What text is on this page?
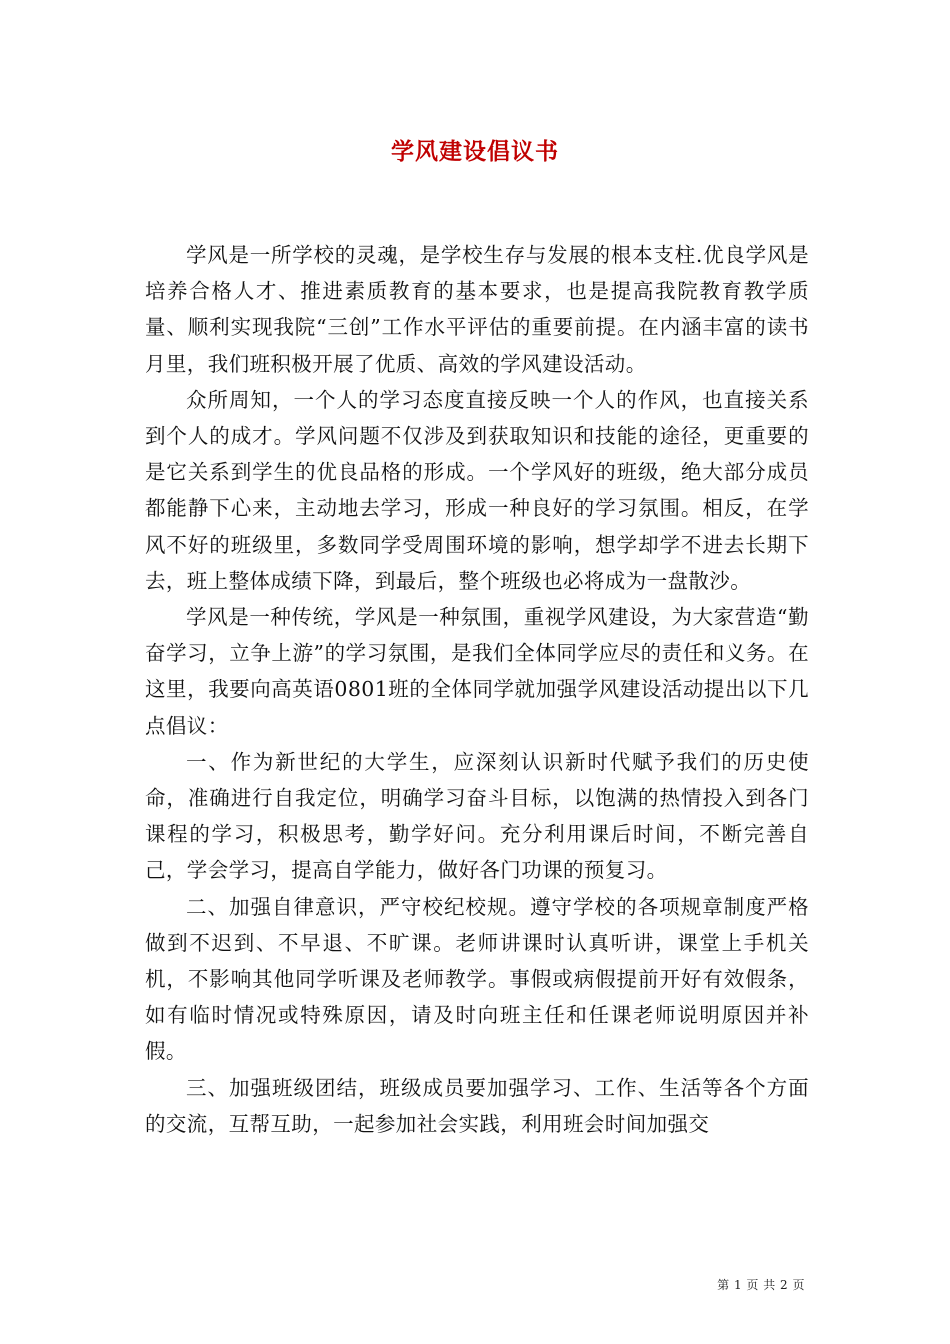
学风建设倡议书

学风是一所学校的灵魂，是学校生存与发展的根本支柱.优良学风是培养合格人才、推进素质教育的基本要求，也是提高我院教育教学质量、顺利实现我院“三创”工作水平评估的重要前提。在内涵丰富的读书月里，我们班积极开展了优质、高效的学风建设活动。

众所周知，一个人的学习态度直接反映一个人的作风，也直接关系到个人的成才。学风问题不仅涉及到获取知识和技能的途径，更重要的是它关系到学生的优良品格的形成。一个学风好的班级，绝大部分成员都能静下心来，主动地去学习，形成一种良好的学习氛围。相反，在学风不好的班级里，多数同学受周围环境的影响，想学却学不进去长期下去，班上整体成绩下降，到最后，整个班级也必将成为一盘散沙。

学风是一种传统，学风是一种氛围，重视学风建设，为大家营造“勤奋学习，立争上游”的学习氛围，是我们全体同学应尽的责任和义务。在这里，我要向高英语0801班的全体同学就加强学风建设活动提出以下几点倡议：

一、作为新世纪的大学生，应深刻认识新时代赋予我们的历史使命，准确进行自我定位，明确学习奋斗目标，以饱满的热情投入到各门课程的学习，积极思考，勤学好问。充分利用课后时间，不断完善自己，学会学习，提高自学能力，做好各门功课的预复习。

二、加强自律意识，严守校纪校规。遵守学校的各项规章制度严格做到不迟到、不早退、不旷课。老师讲课时认真听讲，课堂上手机关机，不影响其他同学听课及老师教学。事假或病假提前开好有效假条，如有临时情况或特殊原因，请及时向班主任和任课老师说明原因并补假。

三、加强班级团结，班级成员要加强学习、工作、生活等各个方面的交流，互帮互助，一起参加社会实践，利用班会时间加强交

第 1 页 共 2 页
